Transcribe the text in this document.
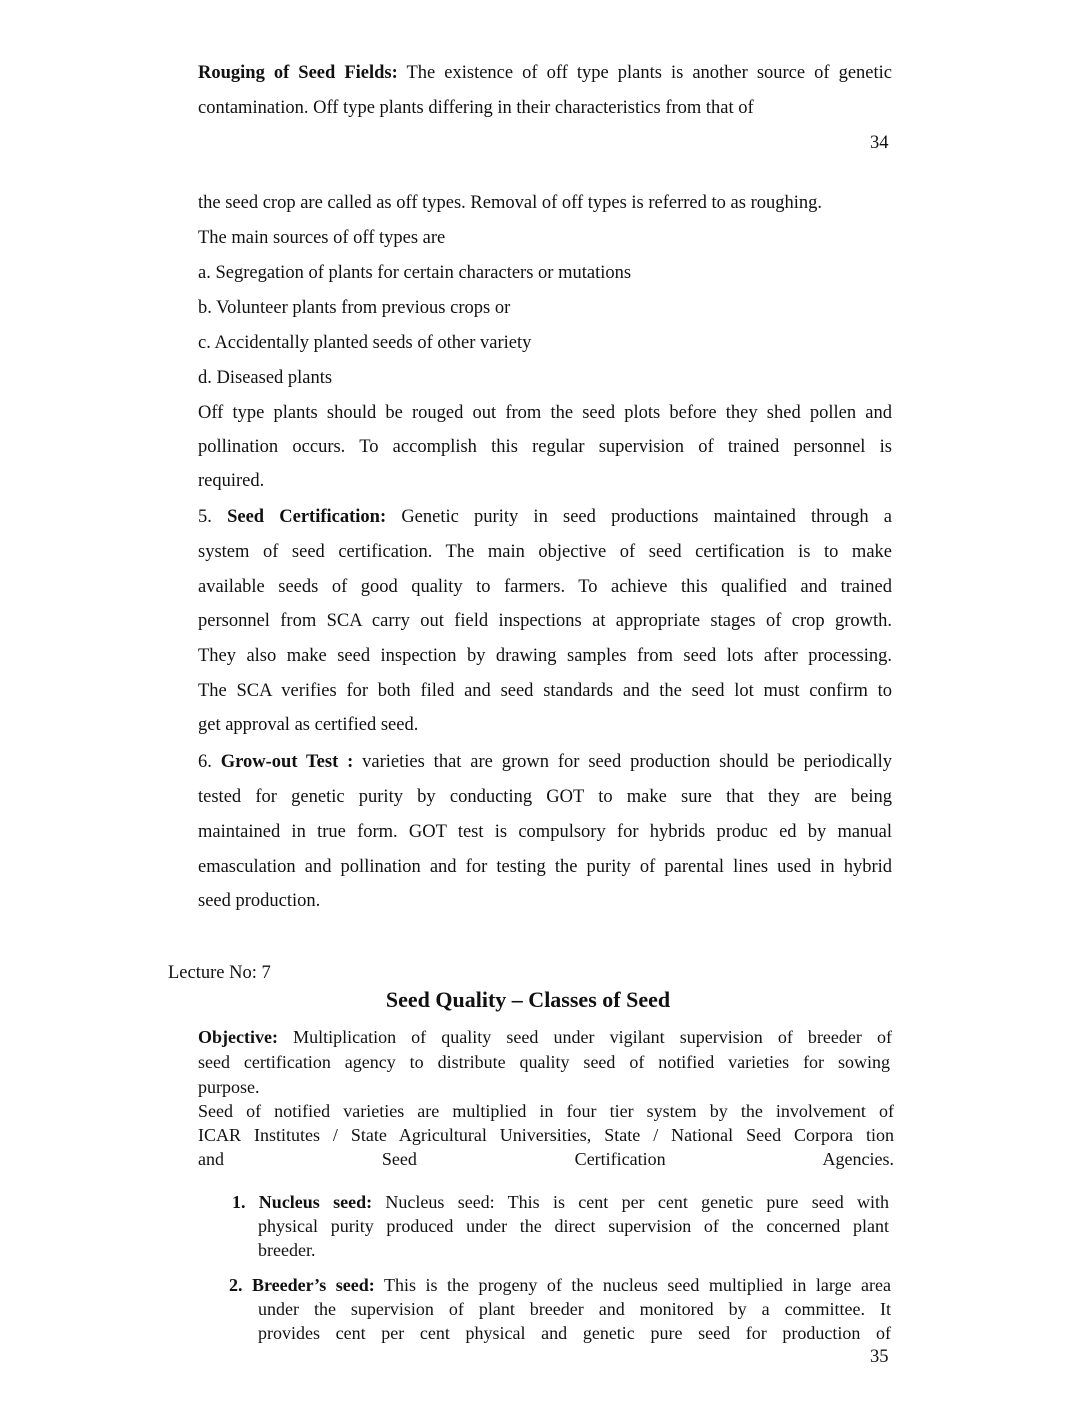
Rouging of Seed Fields: The existence of off type plants is another source of genetic
contamination. Off type plants differing in their characteristics from that of
34
the seed crop are called as off types. Removal of off types is referred to as roughing.
The main sources of off types are
a. Segregation of plants for certain characters or mutations
b. Volunteer plants from previous crops or
c. Accidentally planted seeds of other variety
d. Diseased plants
Off type plants should be rouged out from the seed plots before they shed pollen and
pollination occurs. To accomplish this regular supervision of trained personnel is
required.
5. Seed Certification: Genetic purity in seed productions maintained through a
system of seed certification. The main objective of seed certification is to make
available seeds of good quality to farmers. To achieve this qualified and trained
personnel from SCA carry out field inspections at appropriate stages of crop growth.
They also make seed inspection by drawing samples from seed lots after processing.
The SCA verifies for both filed and seed standards and the seed lot must confirm to
get approval as certified seed.
6. Grow-out Test : varieties that are grown for seed production should be periodically
tested for genetic purity by conducting GOT to make sure that they are being
maintained in true form. GOT test is compulsory for hybrids produc ed by manual
emasculation and pollination and for testing the purity of parental lines used in hybrid
seed production.
Lecture No: 7
Seed Quality – Classes of Seed
Objective: Multiplication of quality seed under vigilant supervision of breeder of
seed certification agency to distribute quality seed of notified varieties for sowing
purpose.
Seed of notified varieties are multiplied in four tier system by the involvement of
ICAR Institutes / State Agricultural Universities, State / National Seed Corpora tion
and Seed Certification Agencies.
1. Nucleus seed: Nucleus seed: This is cent per cent genetic pure seed with
physical purity produced under the direct supervision of the concerned plant
breeder.
2. Breeder’s seed: This is the progeny of the nucleus seed multiplied in large area
under the supervision of plant breeder and monitored by a committee. It
provides cent per cent physical and genetic pure seed for production of
35
